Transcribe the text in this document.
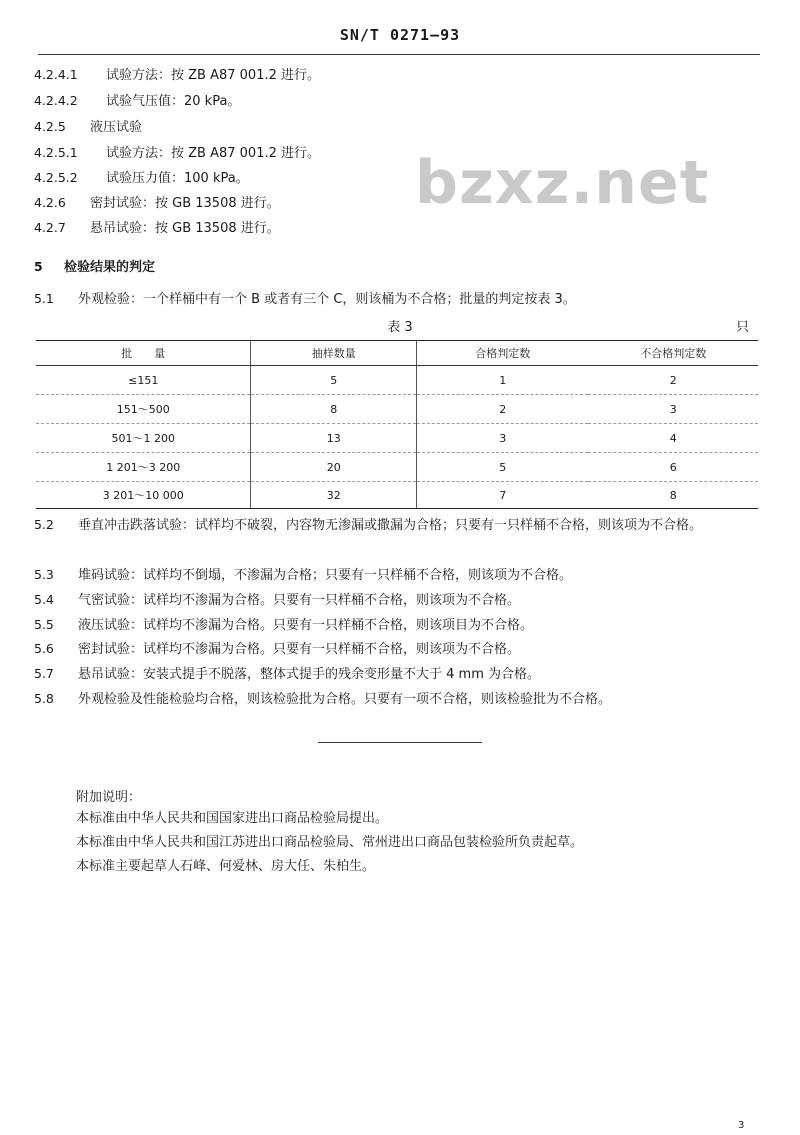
SN/T 0271—93
bzxz.net
4.2.4.1 试验方法：按 ZB A87 001.2 进行。
4.2.4.2 试验气压值：20 kPa。
4.2.5 液压试验
4.2.5.1 试验方法：按 ZB A87 001.2 进行。
4.2.5.2 试验压力值：100 kPa。
4.2.6 密封试验：按 GB 13508 进行。
4.2.7 悬吊试验：按 GB 13508 进行。
5 检验结果的判定
5.1 外观检验：一个样桶中有一个 B 或者有三个 C，则该桶为不合格；批量的判定按表 3。
表 3	只
批　　量	抽样数量	合格判定数	不合格判定数
≤151	5	1	2
151～500	8	2	3
501～1 200	13	3	4
1 201～3 200	20	5	6
3 201～10 000	32	7	8
5.2 垂直冲击跌落试验：试样均不破裂，内容物无渗漏或撒漏为合格；只要有一只样桶不合格，则该项为不合格。
5.3 堆码试验：试样均不倒塌，不渗漏为合格；只要有一只样桶不合格，则该项为不合格。
5.4 气密试验：试样均不渗漏为合格。只要有一只样桶不合格，则该项为不合格。
5.5 液压试验：试样均不渗漏为合格。只要有一只样桶不合格，则该项目为不合格。
5.6 密封试验：试样均不渗漏为合格。只要有一只样桶不合格，则该项为不合格。
5.7 悬吊试验：安装式提手不脱落，整体式提手的残余变形量不大于 4 mm 为合格。
5.8 外观检验及性能检验均合格，则该检验批为合格。只要有一项不合格，则该检验批为不合格。
附加说明：
本标准由中华人民共和国国家进出口商品检验局提出。
本标准由中华人民共和国江苏进出口商品检验局、常州进出口商品包装检验所负责起草。
本标准主要起草人石峰、何爱林、房大任、朱柏生。
3
